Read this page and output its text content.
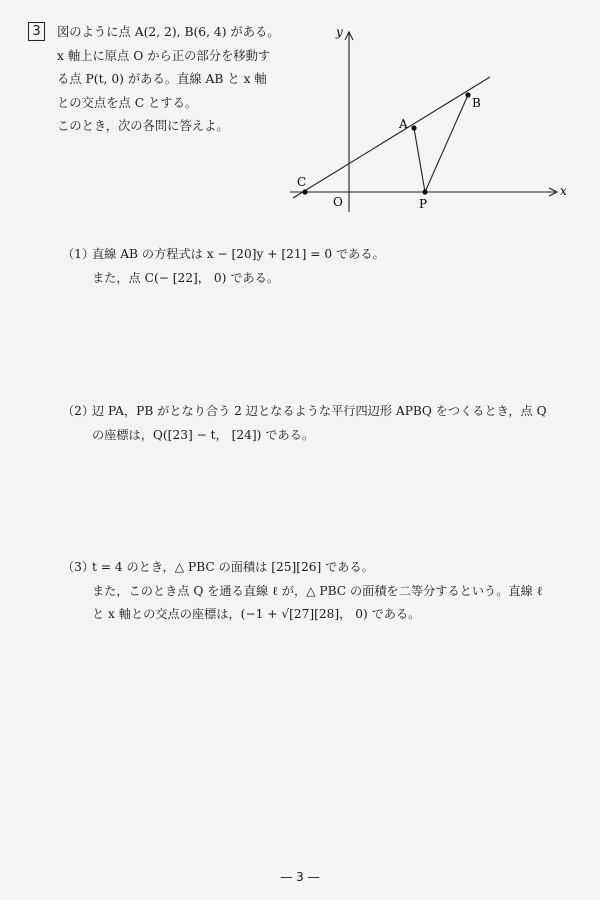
3	図のように点 A(2, 2), B(6, 4) がある。
x 軸上に原点 O から正の部分を移動す
る点 P(t, 0) がある。直線 AB と x 軸
との交点を点 C とする。
このとき，次の各問に答えよ。
y
x
O
A
B
C
P
（1）
直線 AB の方程式は x − [20]y + [21] = 0 である。
また，点 C(− [22]， 0) である。
（2）
辺 PA，PB がとなり合う 2 辺となるような平行四辺形 APBQ をつくるとき，点 Q
の座標は，Q([23] − t， [24]) である。
（3）
t = 4 のとき，△ PBC の面積は [25][26] である。
また，このとき点 Q を通る直線 ℓ が，△ PBC の面積を二等分するという。直線 ℓ
と x 軸との交点の座標は，(−1 + √[27][28]， 0) である。
— 3 —
